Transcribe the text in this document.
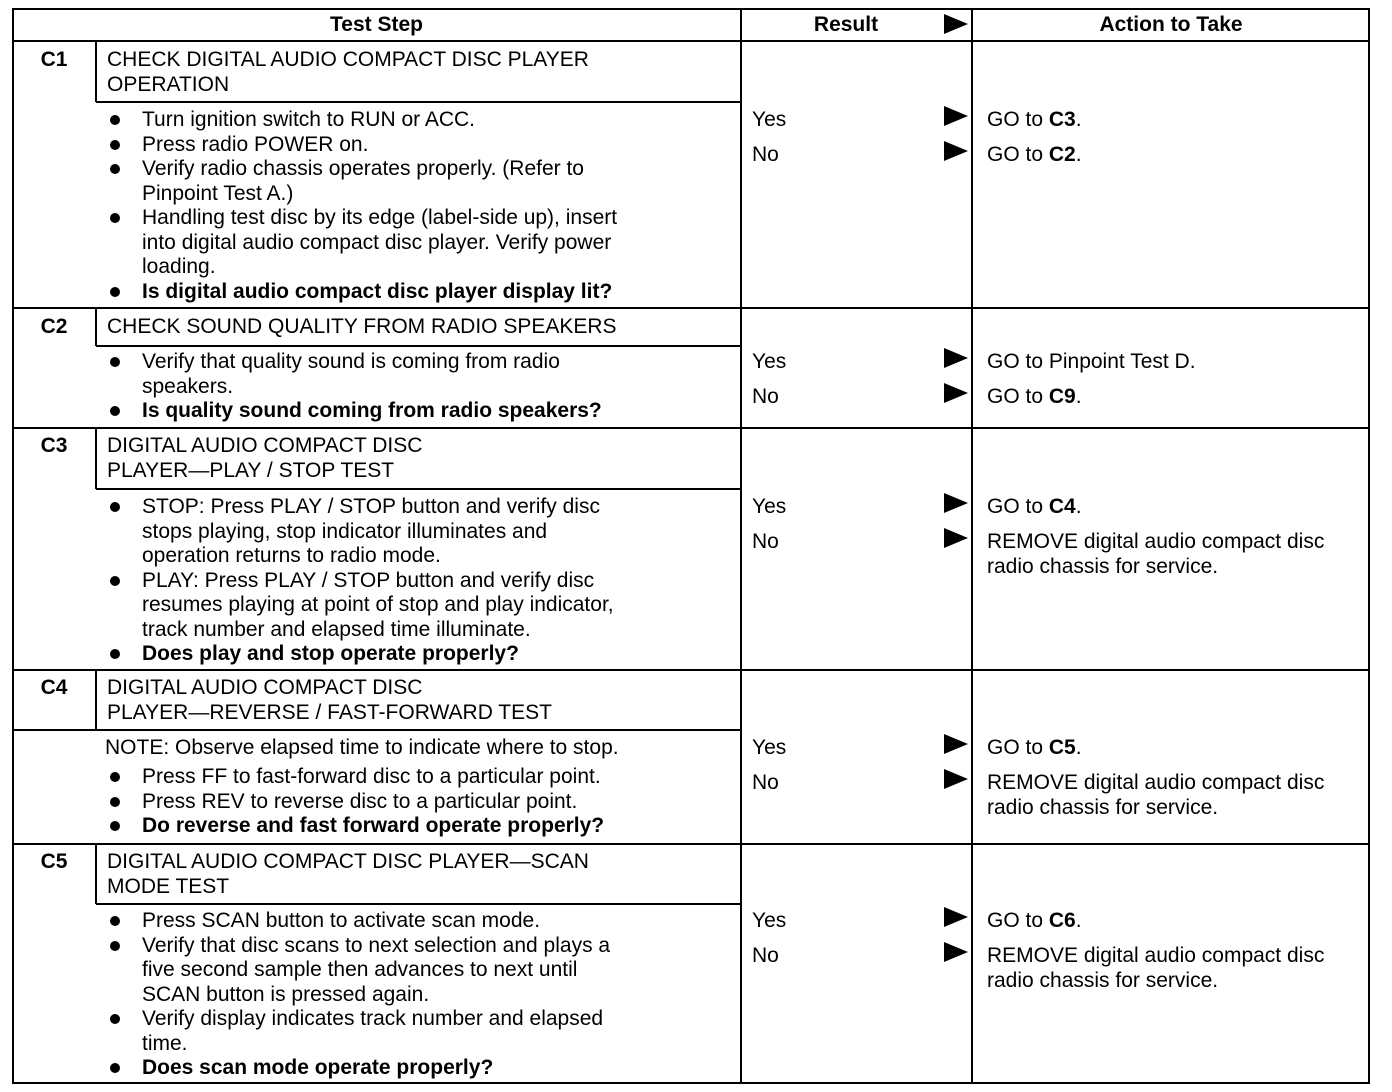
Test Step	Result	Action to Take
C1	CHECK DIGITAL AUDIO COMPACT DISC PLAYER
OPERATION
Turn ignition switch to RUN or ACC.
Press radio POWER on.
Verify radio chassis operates properly. (Refer to
Pinpoint Test A.)
Handling test disc by its edge (label-side up), insert
into digital audio compact disc player. Verify power
loading.
Is digital audio compact disc player display lit?
Yes	GO to C3.
No	GO to C2.
C2	CHECK SOUND QUALITY FROM RADIO SPEAKERS
Verify that quality sound is coming from radio
speakers.
Is quality sound coming from radio speakers?
Yes	GO to Pinpoint Test D.
No	GO to C9.
C3	DIGITAL AUDIO COMPACT DISC
PLAYER—PLAY / STOP TEST
STOP: Press PLAY / STOP button and verify disc
stops playing, stop indicator illuminates and
operation returns to radio mode.
PLAY: Press PLAY / STOP button and verify disc
resumes playing at point of stop and play indicator,
track number and elapsed time illuminate.
Does play and stop operate properly?
Yes	GO to C4.
No	REMOVE digital audio compact disc radio chassis for service.
C4	DIGITAL AUDIO COMPACT DISC
PLAYER—REVERSE / FAST-FORWARD TEST
NOTE: Observe elapsed time to indicate where to stop.
Press FF to fast-forward disc to a particular point.
Press REV to reverse disc to a particular point.
Do reverse and fast forward operate properly?
Yes	GO to C5.
No	REMOVE digital audio compact disc radio chassis for service.
C5	DIGITAL AUDIO COMPACT DISC PLAYER—SCAN
MODE TEST
Press SCAN button to activate scan mode.
Verify that disc scans to next selection and plays a
five second sample then advances to next until
SCAN button is pressed again.
Verify display indicates track number and elapsed
time.
Does scan mode operate properly?
Yes	GO to C6.
No	REMOVE digital audio compact disc radio chassis for service.
